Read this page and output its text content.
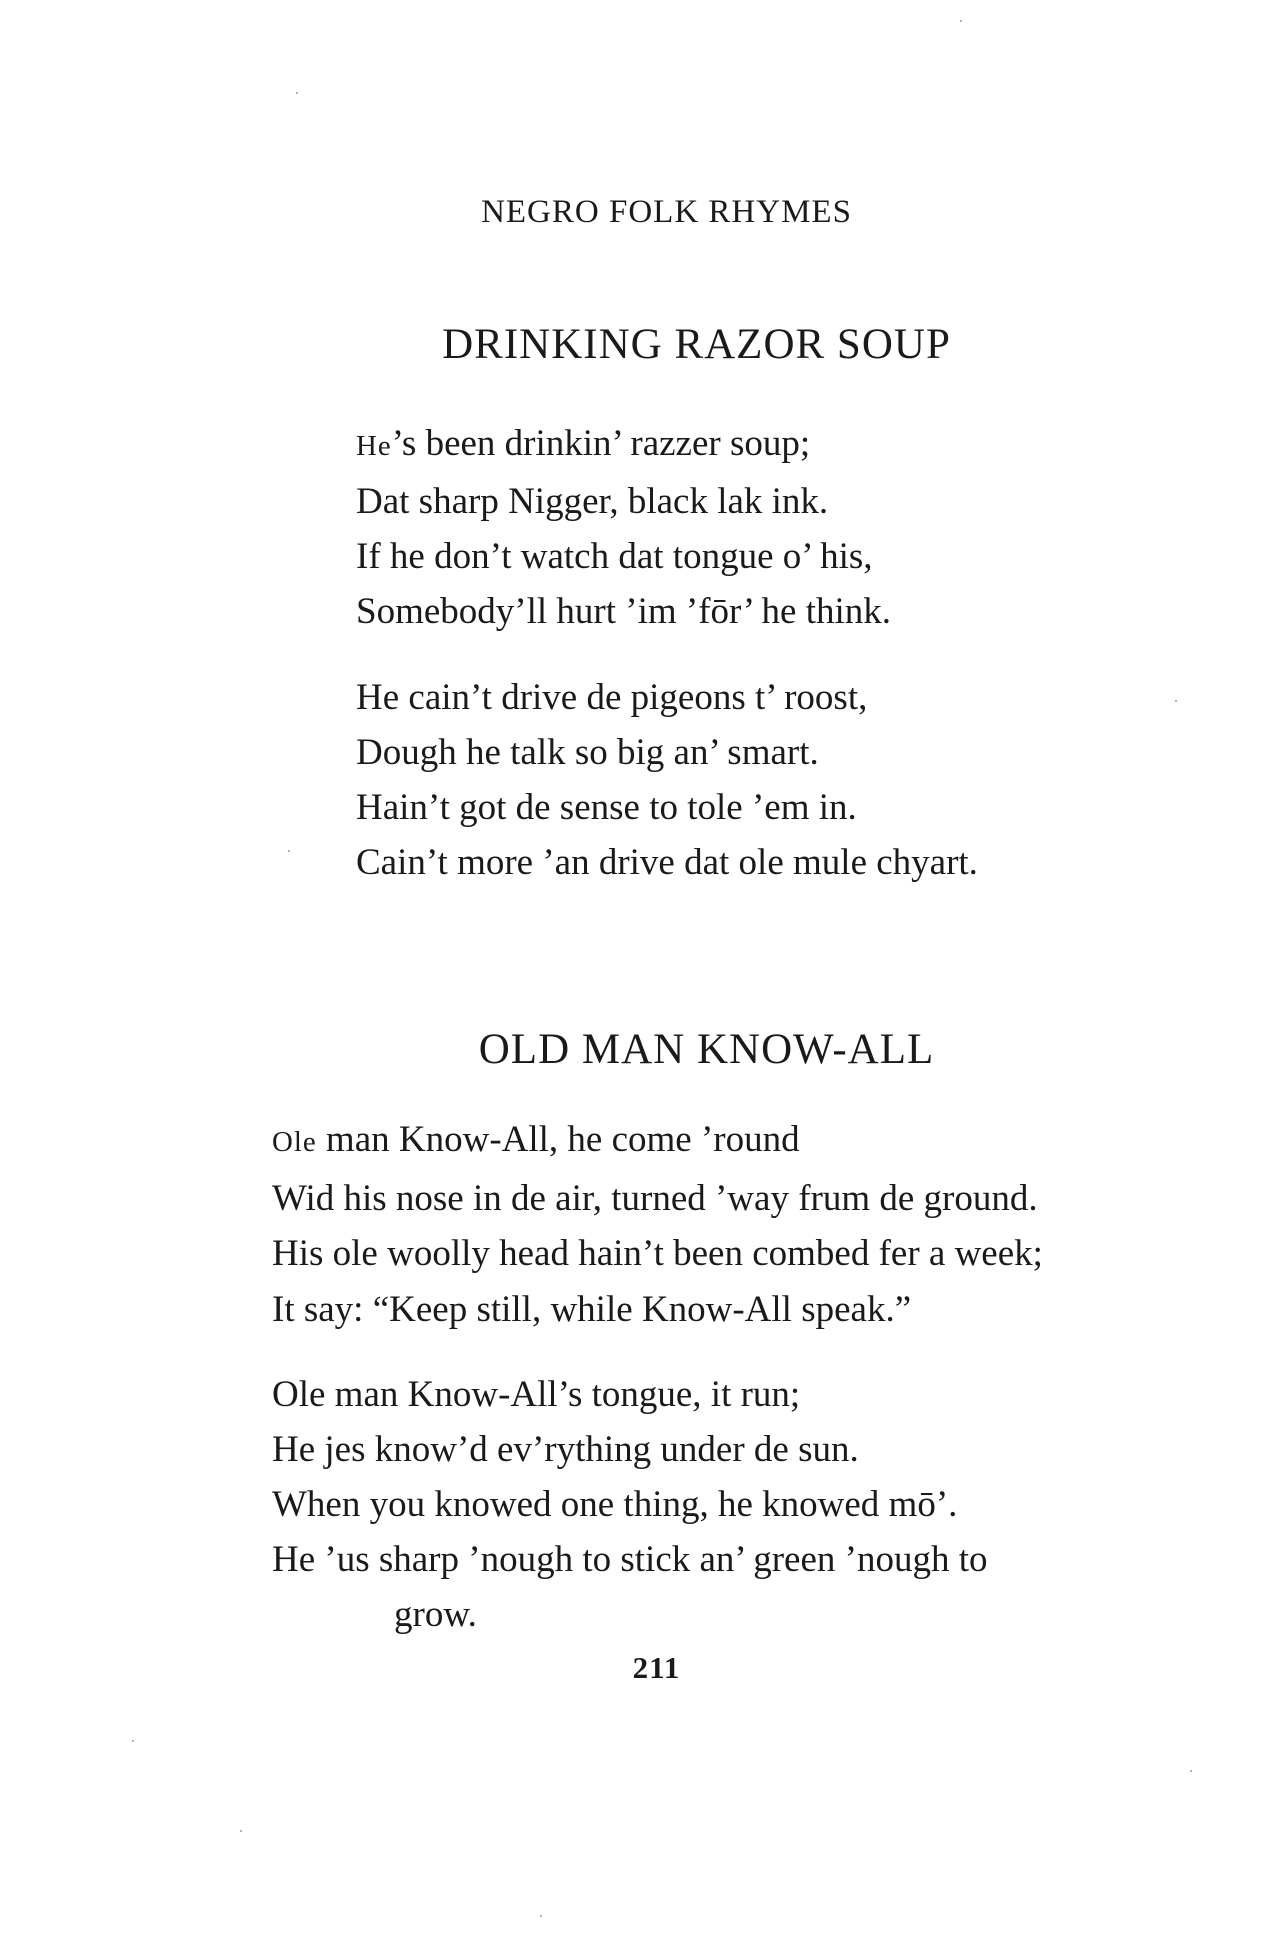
NEGRO FOLK RHYMES
DRINKING RAZOR SOUP
He’s been drinkin’ razzer soup;
Dat sharp Nigger, black lak ink.
If he don’t watch dat tongue o’ his,
Somebody’ll hurt ’im ’fōr’ he think.
He cain’t drive de pigeons t’ roost,
Dough he talk so big an’ smart.
Hain’t got de sense to tole ’em in.
Cain’t more ’an drive dat ole mule chyart.
OLD MAN KNOW-ALL
Ole man Know-All, he come ’round
Wid his nose in de air, turned ’way frum de ground.
His ole woolly head hain’t been combed fer a week;
It say: “Keep still, while Know-All speak.”
Ole man Know-All’s tongue, it run;
He jes know’d ev’rything under de sun.
When you knowed one thing, he knowed mō’.
He ’us sharp ’nough to stick an’ green ’nough to
grow.
211
